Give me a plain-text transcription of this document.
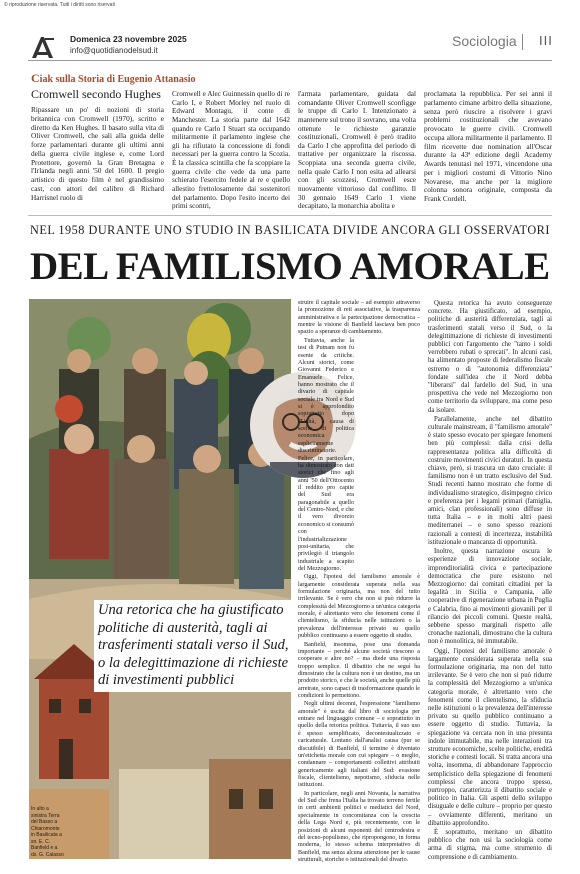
© riproduzione riservata. Tutti i diritti sono riservati
Domenica 23 novembre 2025
info@quotidianodelsud.it
Sociologia III
Ciak sulla Storia di Eugenio Attanasio
Cromwell secondo Hughes

Ripassare un po' di nozioni di storia britannica con Cromwell (1970), scritto e diretto da Ken Hughes. Il basato sulla vita di Oliver Cromwell, che sali alla guida delle forze parlamentari durante gli ultimi anni della guerra civile inglese e, come Lord Protettore, governò la Gran Bretagna e l'Irlanda negli anni '50 del 1600. Il pregio artistico di questo film è nel grandissimo cast, con attori del calibro di Richard Harrisnel ruolo di

Cromwell e Alec Guinnessin quello di re Carlo I, e Robert Morley nel ruolo di Edward Montagu, il conte di Manchester. La storia parte dal 1642 quando re Carlo I Stuart sta occupando militarmente il parlamento inglese che gli ha rifiutato la concessione di fondi necessari per la guerra contro la Scozia. È la classica scintilla che fa scoppiare la guerra civile che vede da una parte schierato l'esercito fedele al re e quello allestito frettolosamente dai sostenitori del parlamento. Dopo l'esito incerto dei primi scontri,

l'armata parlamentare, guidata dal comandante Oliver Cromwell sconfigge le truppe di Carlo I. Intenzionato a mantenere sul trono il sovrano, una volta ottenute le richieste garanzie costituzionali, Cromwell è però tradito da Carlo I che approfitta del periodo di trattative per organizzare la riscossa. Scoppiata una seconda guerra civile, nella quale Carlo I non esita ad allearsi con gli scozzesi, Cromwell esce nuovamente vittorioso dal conflitto. Il 30 gennaio 1649 Carlo I viene decapitato, la monarchia abolita e

proclamata la repubblica. Per sei anni il parlamento cimane arbitro della situazione, senza però riuscire a risolvere i gravi problemi costituzionali che avevano provocato le guerre civili. Cromwell occupa allora militarmente il parlamento. Il film ricevette due nomination all'Oscar durante la 43ª edizione degli Academy Awards tenutasi nel 1971, vincendone una per i migliori costumi di Vittorio Nino Novarese, ma anche per la migliore colonna sonora originale, composta da Frank Cordell.

NEL 1958 DURANTE UNO STUDIO IN BASILICATA DIVIDE ANCORA GLI OSSERVATORI
DEL FAMILISMO AMORALE
Una retorica che ha giustificato politiche di austerità, tagli ai trasferimenti statali verso il Sud, o la delegittimazione di richieste di investimenti pubblici
In alto a sinistra Terra del Basso a Chiaromonte in Basilicata a sn. E. C. Banfield e a dx. G. Calasso

struire il capitale sociale – ad esempio attraverso la promozione di reti associative, la trasparenza amministrativa e la partecipazione democratica – mentre la visione di Banfield lasciava ben poco spazio a speranze di cambiamento.

Tuttavia, anche la tesi di Putnam non fu esente da critiche. Alcuni storici, come Giovanni Federico e Emanuele Felice, hanno mostrato che il divario di capitale sociale tra Nord e Sud si è approfondito soprattutto dopo l'Unità, a causa di scelte di politica economica esplicitamente discriminatorie. Felice, in particolare, ha dimostrato con dati storici che fino agli anni '50 dell'Ottocento il reddito pro capite del Sud era paragonabile a quello del Centro-Nord, e che il vero divorzio economico si consumò con l'industrializzazione post-unitaria, che privilegiò il triangolo industriale a scapito del Mezzogiorno.

Oggi, l'ipotesi del familismo amorale è largamente considerata superata nella sua formulazione originaria, ma non del tutto irrilevante. Se è vero che non si può ridurre la complessità del Mezzogiorno a un'unica categoria morale, è altrettanto vero che fenomeni come il clientelismo, la sfiducia nelle istituzioni o la prevalenza dell'interesse privato su quello pubblico continuano a essere oggetto di studio.

Banfield, insomma, pose una domanda importante – perché alcune società riescono a cooperare e altre no? – ma diede una risposta troppo semplice. Il dibattito che ne seguì ha dimostrato che la cultura non è un destino, ma un prodotto storico, e che le società, anche quelle più arretrate, sono capaci di trasformazione quando le condizioni lo permettono.

Negli ultimi decenni, l'espressione "familismo amorale" è uscita dal libro di sociologia per entrare nel linguaggio comune – e soprattutto in quello della retorica politica. Tuttavia, il suo uso è spesso semplificato, decontestualizzato e caricaturale. Lontano dall'analisi causa (pur se discutibile) di Banfield, il termine è diventato un'etichetta morale con cui spiegare – o meglio, condannare – comportamenti collettivi attribuiti genericamente agli italiani del Sud: evasione fiscale, clientelismo, nepotismo, sfiducia nelle istituzioni.

In particolare, negli anni Novanta, la narrativa del Sud che frena l'Italia ha trovato terreno fertile in certi ambienti politici e mediatici del Nord, specialmente in concomitanza con la crescita della Lega Nord e, più recentemente, con le posizioni di alcuni esponenti del centrodestra e del tecno-populismo, che ripropongono, in forma moderna, lo stesso schema interpretativo di Banfield, ma senza alcuna attenzione per le cause strutturali, storiche o istituzionali del divario.

Questa retorica ha avuto conseguenze concrete. Ha giustificato, ad esempio, politiche di austerità differenziata, tagli ai trasferimenti statali verso il Sud, o la delegittimazione di richieste di investimenti pubblici con l'argomento che "tanto i soldi verrebbero rubati o sprecati". In alcuni casi, ha alimentato proposte di federalismo fiscale estremo o di "autonomia differenziata" fondate sull'idea che il Nord debba "liberarsi" dal fardello del Sud, in una prospettiva che vede nel Mezzogiorno non come territorio da sviluppare, ma come peso da isolare.

Parallelamente, anche nel dibattito culturale mainstream, il "familismo amorale" è stato spesso evocato per spiegare fenomeni ben più complessi: dalla crisi della rappresentanza politica alla difficoltà di costruire movimenti civici duraturi. In questa chiave, però, si trascura un dato cruciale: il familismo non è un tratto esclusivo del Sud. Studi recenti hanno mostrato che forme di individualismo strategico, disimpegno civico e preferenza per i legami primari (famiglia, amici, clan professionali) sono diffuse in tutta Italia – e in molti altri paesi mediterranei – e sono spesso reazioni razionali a contesti di incertezza, instabilità istituzionale o mancanza di opportunità.

Inoltre, questa narrazione oscura le esperienze di innovazione sociale, imprenditorialità civica e partecipazione democratica che pure esistono nel Mezzogiorno: dai comitati cittadini per la legalità in Sicilia e Campania, alle cooperative di rigenerazione urbana in Puglia e Calabria, fino ai movimenti giovanili per il rilancio dei piccoli comuni. Queste realtà, sebbene spesso marginali rispetto alle cronache nazionali, dimostrano che la cultura non è monolitica, né immutabile.

Oggi, l'ipotesi del familismo amorale è largamente considerata superata nella sua formulazione originaria, ma non del tutto irrilevante. Se è vero che non si può ridurre la complessità del Mezzogiorno a un'unica categoria morale, è altrettanto vero che fenomeni come il clientelismo, la sfiducia nelle istituzioni o la prevalenza dell'interesse privato su quello pubblico continuano a essere oggetto di studio. Tuttavia, la spiegazione va cercata non in una presunta indole immutabile, ma nelle interazioni tra strutture economiche, scelte politiche, eredità storiche e contesti locali. Si tratta ancora una volta, insomma, di abbandonare l'approccio semplicistico della spiegazione di fenomeni complessi che ancora troppo spesso, purtroppo, caratterizza il dibattito sociale e politico in Italia. Gli aspetti dello sviluppo disuguale e delle culture – proprio per questo – ovviamente differenti, meritano un dibattito approfondito.

È soprattutto, meritano un dibattito pubblico che non usi la sociologia come arma di stigma, ma come strumento di comprensione e di cambiamento.
